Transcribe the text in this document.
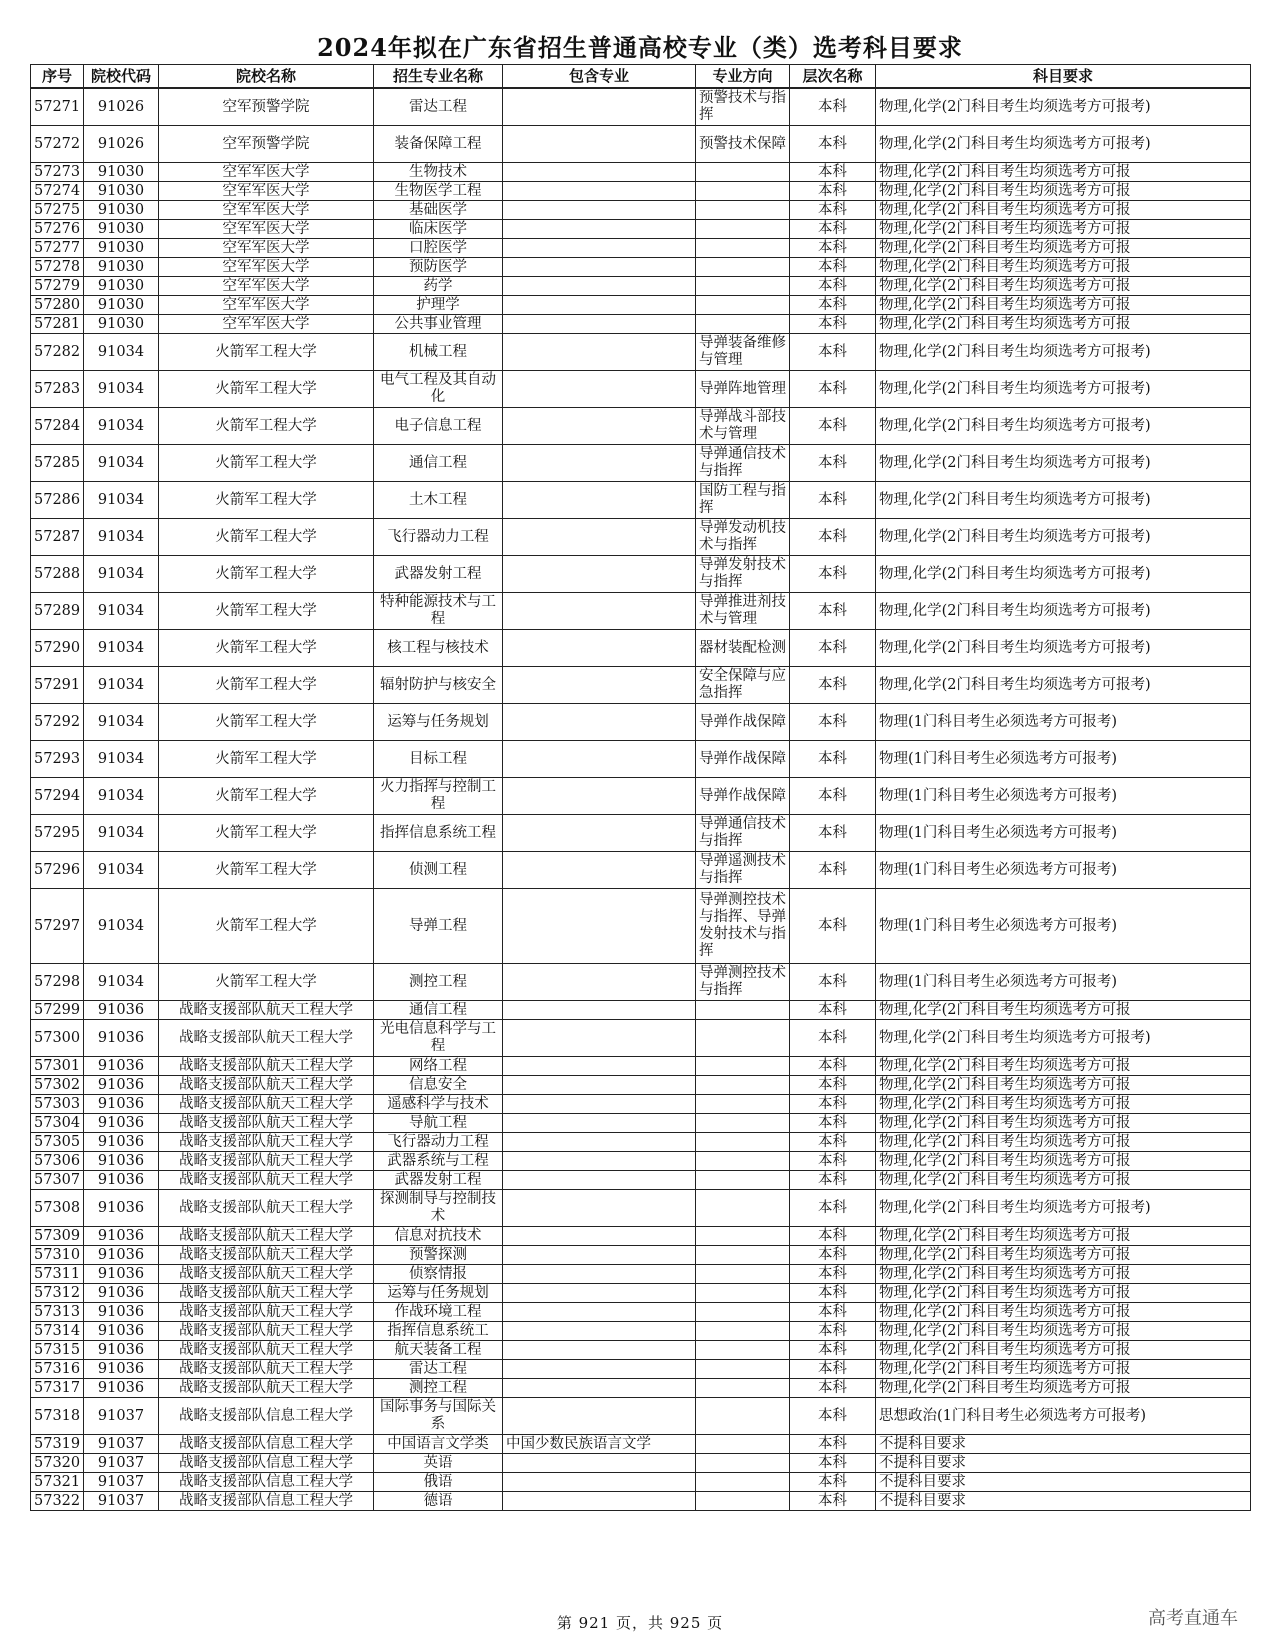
2024年拟在广东省招生普通高校专业（类）选考科目要求
序号	院校代码	院校名称	招生专业名称	包含专业	专业方向	层次名称	科目要求
57271	91026	空军预警学院	雷达工程		预警技术与指挥	本科	物理,化学(2门科目考生均须选考方可报考)
57272	91026	空军预警学院	装备保障工程		预警技术保障	本科	物理,化学(2门科目考生均须选考方可报考)
57273	91030	空军军医大学	生物技术			本科	物理,化学(2门科目考生均须选考方可报
57274	91030	空军军医大学	生物医学工程			本科	物理,化学(2门科目考生均须选考方可报
57275	91030	空军军医大学	基础医学			本科	物理,化学(2门科目考生均须选考方可报
57276	91030	空军军医大学	临床医学			本科	物理,化学(2门科目考生均须选考方可报
57277	91030	空军军医大学	口腔医学			本科	物理,化学(2门科目考生均须选考方可报
57278	91030	空军军医大学	预防医学			本科	物理,化学(2门科目考生均须选考方可报
57279	91030	空军军医大学	药学			本科	物理,化学(2门科目考生均须选考方可报
57280	91030	空军军医大学	护理学			本科	物理,化学(2门科目考生均须选考方可报
57281	91030	空军军医大学	公共事业管理			本科	物理,化学(2门科目考生均须选考方可报
57282	91034	火箭军工程大学	机械工程		导弹装备维修与管理	本科	物理,化学(2门科目考生均须选考方可报考)
57283	91034	火箭军工程大学	电气工程及其自动化		导弹阵地管理	本科	物理,化学(2门科目考生均须选考方可报考)
57284	91034	火箭军工程大学	电子信息工程		导弹战斗部技术与管理	本科	物理,化学(2门科目考生均须选考方可报考)
57285	91034	火箭军工程大学	通信工程		导弹通信技术与指挥	本科	物理,化学(2门科目考生均须选考方可报考)
57286	91034	火箭军工程大学	土木工程		国防工程与指挥	本科	物理,化学(2门科目考生均须选考方可报考)
57287	91034	火箭军工程大学	飞行器动力工程		导弹发动机技术与指挥	本科	物理,化学(2门科目考生均须选考方可报考)
57288	91034	火箭军工程大学	武器发射工程		导弹发射技术与指挥	本科	物理,化学(2门科目考生均须选考方可报考)
57289	91034	火箭军工程大学	特种能源技术与工程		导弹推进剂技术与管理	本科	物理,化学(2门科目考生均须选考方可报考)
57290	91034	火箭军工程大学	核工程与核技术		器材装配检测	本科	物理,化学(2门科目考生均须选考方可报考)
57291	91034	火箭军工程大学	辐射防护与核安全		安全保障与应急指挥	本科	物理,化学(2门科目考生均须选考方可报考)
57292	91034	火箭军工程大学	运筹与任务规划		导弹作战保障	本科	物理(1门科目考生必须选考方可报考)
57293	91034	火箭军工程大学	目标工程		导弹作战保障	本科	物理(1门科目考生必须选考方可报考)
57294	91034	火箭军工程大学	火力指挥与控制工程		导弹作战保障	本科	物理(1门科目考生必须选考方可报考)
57295	91034	火箭军工程大学	指挥信息系统工程		导弹通信技术与指挥	本科	物理(1门科目考生必须选考方可报考)
57296	91034	火箭军工程大学	侦测工程		导弹遥测技术与指挥	本科	物理(1门科目考生必须选考方可报考)
57297	91034	火箭军工程大学	导弹工程		导弹测控技术与指挥、导弹发射技术与指挥	本科	物理(1门科目考生必须选考方可报考)
57298	91034	火箭军工程大学	测控工程		导弹测控技术与指挥	本科	物理(1门科目考生必须选考方可报考)
57299	91036	战略支援部队航天工程大学	通信工程			本科	物理,化学(2门科目考生均须选考方可报
57300	91036	战略支援部队航天工程大学	光电信息科学与工程			本科	物理,化学(2门科目考生均须选考方可报考)
57301	91036	战略支援部队航天工程大学	网络工程			本科	物理,化学(2门科目考生均须选考方可报
57302	91036	战略支援部队航天工程大学	信息安全			本科	物理,化学(2门科目考生均须选考方可报
57303	91036	战略支援部队航天工程大学	遥感科学与技术			本科	物理,化学(2门科目考生均须选考方可报
57304	91036	战略支援部队航天工程大学	导航工程			本科	物理,化学(2门科目考生均须选考方可报
57305	91036	战略支援部队航天工程大学	飞行器动力工程			本科	物理,化学(2门科目考生均须选考方可报
57306	91036	战略支援部队航天工程大学	武器系统与工程			本科	物理,化学(2门科目考生均须选考方可报
57307	91036	战略支援部队航天工程大学	武器发射工程			本科	物理,化学(2门科目考生均须选考方可报
57308	91036	战略支援部队航天工程大学	探测制导与控制技术			本科	物理,化学(2门科目考生均须选考方可报考)
57309	91036	战略支援部队航天工程大学	信息对抗技术			本科	物理,化学(2门科目考生均须选考方可报
57310	91036	战略支援部队航天工程大学	预警探测			本科	物理,化学(2门科目考生均须选考方可报
57311	91036	战略支援部队航天工程大学	侦察情报			本科	物理,化学(2门科目考生均须选考方可报
57312	91036	战略支援部队航天工程大学	运筹与任务规划			本科	物理,化学(2门科目考生均须选考方可报
57313	91036	战略支援部队航天工程大学	作战环境工程			本科	物理,化学(2门科目考生均须选考方可报
57314	91036	战略支援部队航天工程大学	指挥信息系统工			本科	物理,化学(2门科目考生均须选考方可报
57315	91036	战略支援部队航天工程大学	航天装备工程			本科	物理,化学(2门科目考生均须选考方可报
57316	91036	战略支援部队航天工程大学	雷达工程			本科	物理,化学(2门科目考生均须选考方可报
57317	91036	战略支援部队航天工程大学	测控工程			本科	物理,化学(2门科目考生均须选考方可报
57318	91037	战略支援部队信息工程大学	国际事务与国际关系			本科	思想政治(1门科目考生必须选考方可报考)
57319	91037	战略支援部队信息工程大学	中国语言文学类	中国少数民族语言文学		本科	不提科目要求
57320	91037	战略支援部队信息工程大学	英语			本科	不提科目要求
57321	91037	战略支援部队信息工程大学	俄语			本科	不提科目要求
57322	91037	战略支援部队信息工程大学	德语			本科	不提科目要求
第 921 页，共 925 页	高考直通车
